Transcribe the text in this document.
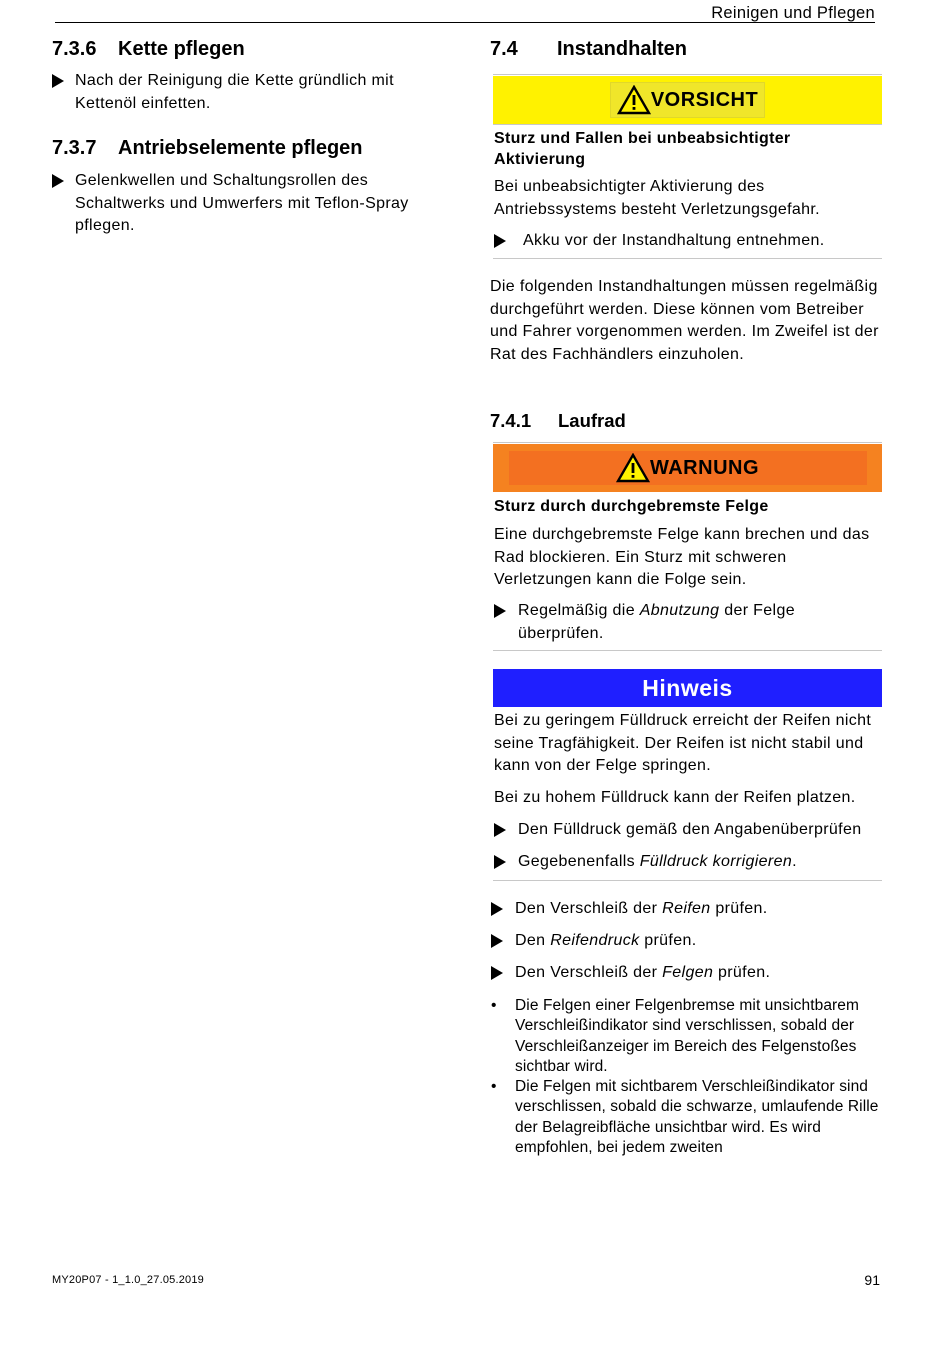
Reinigen und Pflegen
7.3.6 Kette pflegen
Nach der Reinigung die Kette gründlich mit Kettenöl einfetten.
7.3.7 Antriebselemente pflegen
Gelenkwellen und Schaltungsrollen des Schaltwerks und Umwerfers mit Teflon-Spray pflegen.
7.4 Instandhalten
VORSICHT
Sturz und Fallen bei unbeabsichtigter Aktivierung
Bei unbeabsichtigter Aktivierung des Antriebssystems besteht Verletzungsgefahr.
Akku vor der Instandhaltung entnehmen.
Die folgenden Instandhaltungen müssen regelmäßig durchgeführt werden. Diese können vom Betreiber und Fahrer vorgenommen werden. Im Zweifel ist der Rat des Fachhändlers einzuholen.
7.4.1 Laufrad
WARNUNG
Sturz durch durchgebremste Felge
Eine durchgebremste Felge kann brechen und das Rad blockieren. Ein Sturz mit schweren Verletzungen kann die Folge sein.
Regelmäßig die Abnutzung der Felge überprüfen.
Hinweis
Bei zu geringem Fülldruck erreicht der Reifen nicht seine Tragfähigkeit. Der Reifen ist nicht stabil und kann von der Felge springen.
Bei zu hohem Fülldruck kann der Reifen platzen.
Den Fülldruck gemäß den Angabenüberprüfen
Gegebenenfalls Fülldruck korrigieren.
Den Verschleiß der Reifen prüfen.
Den Reifendruck prüfen.
Den Verschleiß der Felgen prüfen.
• Die Felgen einer Felgenbremse mit unsichtbarem Verschleißindikator sind verschlissen, sobald der Verschleißanzeiger im Bereich des Felgenstoßes sichtbar wird.
• Die Felgen mit sichtbarem Verschleißindikator sind verschlissen, sobald die schwarze, umlaufende Rille der Belagreibfläche unsichtbar wird. Es wird empfohlen, bei jedem zweiten
MY20P07 - 1_1.0_27.05.2019	91
